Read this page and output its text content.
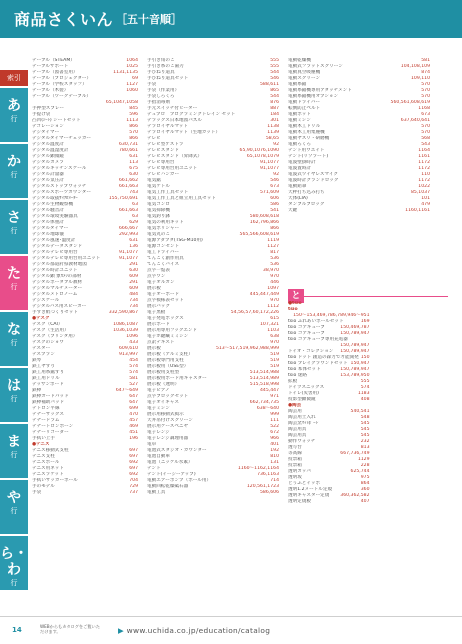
商品さくいん ［五十音順］
索引
あ
行
か
行
さ
行
た
行
な
行
は
行
ま
行
や
行
ら・わ
行
テーブル（STEAM）	1064
テーブルサポート	1025
テーブル（図書室用）	1131,1135
テーブル（プロジェクター）	69
テーブル（学校スタッフ）	1127
テーブル（木製）	1060
テーブル（ワークテーブル）
65,1047,1058
手押型スプレー	845
手提げ袋	596
凸凹(ｼｰﾄ) シートセット	1113
デコレーション	866
デジタイマー	570
デジタルタイマーチェッカー	866
デジタル温度計	630,731
デジタル温湿度計	780,661
デジタル顕微鏡	631
デジタルカメラ	113
デジタルキッチンスケール	675
デジタル計量器	630
デジタル気圧計	661,662
デジタルストップウォッチ	661,663
デジタルスポーツカウンター	743
デジタル取扱ｻｲｸﾛﾒｰﾀｰ	155,750,691
デジタル生物観察機	63
デジタル騒音計	661,663
デジタル環境実験器具	63
デジタル体重計	629
デジタルタイマー	666,667
デジタル地球儀	292,993
デジタル風速･温度計	631
デジタルデータスタンド	136
デジタルテレビ専用台	91,1077
デジタルテレビ専用台用ユニット	91,1077
デジタル都道府県教材地図	291
デジタル時計ユニット	630
デジタル顕 象ｶﾒﾗの部材	609
デジタルポータブル教材	291
デジタルマルチメーター	609
デジタルメトロノーム	484
デジスケール	734
デジタルバス用スピーカー	734
手すき紙づくりセット	332,590,867
●テスク
テスク（CAI）	1086,1087
テスク（生活用）	1036,1039
テスク（プリンタ用）	1096
テスクのショウ	433
テスター	609,610
テスプラン	913,997
鉄琴	454
鉄工ヤすり	574
鉄工用糸鋸すり	574
鉄工用ドリル	581
デッサンボード	527
鉄棒	647～649
鉄棒ガードパッド	647
鉄棒補助パッド	647
テトロン平線	699
テナーサックス	470
テナードラム	457
テナートロンボーン	469
テナーリコーダー	451
手拭い上手	196
●テニス
テニス移動式支柱	697
テニス支柱	697
テニスボール	692
テニス用ネット	697
テニスラケット	692
手拭いサッカーボール	704
手のモデル	729
手袋	737
手引き角のこ	555
手引き糸のこ歯刃	555
手びねり道具	544
手びねり道具セット	546
手袋	588,611
手袋（作業用）	865
手袋しろくろ	544
手指消毒剤	876
手元スイッチ付ヒーター	887
デュプロ　プログラミングトレイン セット	184
デラックス日本地図パズル	301
テラロイヤルマット	1138
テラロイヤルマット（生地カット）	1139
テレビ	58,65
テレビ型ゲストラ	92
テレビスタンド	65,90,1076,1090
テレビスタンド（昇降式）	65,1078,1079
テレビ専用台	91,1077
テレビ専用台用ユニット	91,1077
テレビハンガー	92
電気鋸	546
電気ケトル	673
電気工作工具セット	571,609
電気工作工具と組立用工具セット	606
電気コンロ	586
電気掃除機	541
電気釣り鉢	580,608,618
電気の利用キット	162,796,866
電気ポリシャー	866
電気丸のこ	565,566,608,619
電源アダプタ(TSG-M10用)	1119
電源コンセント	1127
電工ドライバー	817
てんこく創作用具	536
てんこくバイス	536
点字一覧表	38,970
点字ワン	970
電子オルガン	446
展示板	1097
電子オーボード	445,447,449
点字模様表セット	970
展示バッグ	1112
電子黒板	54,56,57,60,172,226
電子発電ボックス	615
展示ボード	107,321
展示用専用フックエンド	1103
電子ホ鍵繊ミミシン	638
点訳テキスト	970
展示板	513～517,519,962,988,999
展示板（アルミ支柱）	519
展示板専門用支柱	519
展示板用（USE型）	519
展示板用支柱型	513,514,988
展示板用ボード用キャスター	513,514,989
展示板（透明）	515,518,998
電子ピアノ	445,447
点字ブロックセット	971
電子オイキャス	662,734,735
電子ミシン	638～640
展示用移動式掲示	999
天井吊付けスクリーン	111
展示用ケースベニヤ	522
電子レンジ	672
電子レンジ調理用器	966
電卓	401
電池式スタジオ・カウンター	192
電池自動車	810
電池（ニッケル水素）	131
テント	1160～1162,1164
テント(イージーアップ)	736,1163
電動エアーポンプ（ボール用）	714
電動回転乾燥砥石器	120,561,1723
電動工具	586,606
電動乾燥機	581
電動式フラットスクリーン	104,108,109
電動真空吸塵機	874
電動スクリーン	109,110
電動糸鋸	570
電動糸鋸機専用アタッチメント	570
電動糸鋸機用オプション	570
電動ドライバー	560,561,608,619
転倒防止ベルト	1168
電動ポット	673
電動ミシン	637,640,641
電動木工ドリル	570
電動木工用集塵機	570
電動ヤスリ・研磨機	568
電動ろくろ	543
テント用ウエイト	1164
テント(リゾラート)	1161
電波壁掛時計	1172
電波置時計	1172
電波式ワイヤレスマイク	110
電波時計グランドロック	1172
電動鉛筆	1022
天秤打ち込み打ち	85,1037
天体(LIA)	101
タンブルブロック	479
天鍵	1160,1161
と
●tsio
tsio
150～153,469,786,789,946～951
tsio ふれあいボールセット	169
tsio コアキューブ	150,469,787
tsio コアキューブ	150,789,947
tsio コアキューブ専用充電器
150,789,947
トイオ・コレクション	150,789,947
tsio ドット 創造の森力で才能開発 150
tsio プレイグラウンドセット 150,947
tsio 本体セット	150,789,947
tsio 迷路	153,789,950
拡板	555
ドイツスニックス	574
トイレ(災害用)	1183
投影型顕微鏡	408
●陶芸
陶芸用	540,541
陶芸用土入れ	548
陶芸窯ﾏｯﾄﾎﾞｰﾄﾞ	545
陶芸用具	545
陶芸用具	545
動作ウォッチ	232
透写台	813
等高線	667,736,749
投票箱	1129
投票箱	228
透明カッパ	625,744
透明坂	975
とうふとイッポ	864
透明1.2メートル定規	360
透明キャスター定規	360,362,582
透明定規板	407
14	WEBからもカタログをご覧いただけます。	▶ www.uchida.co.jp/education/catalog
